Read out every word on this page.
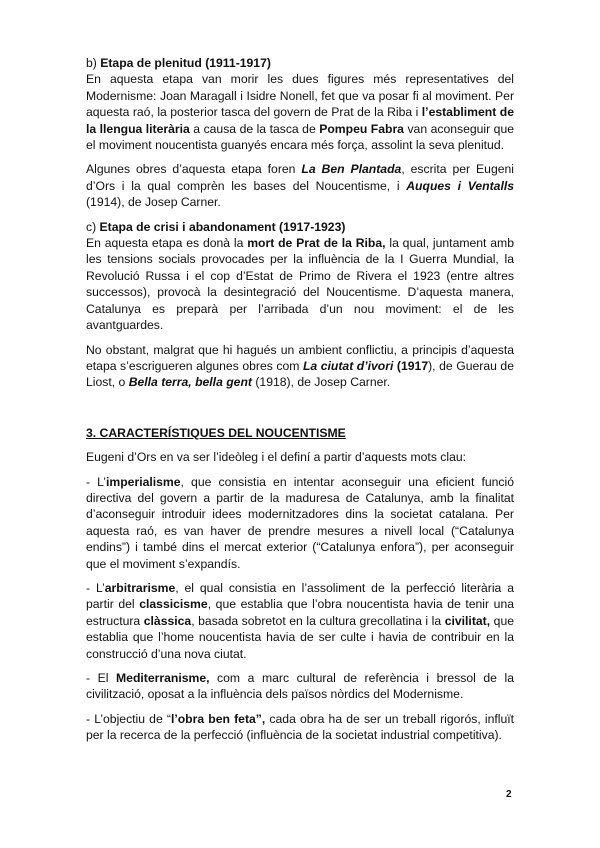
b) Etapa de plenitud (1911-1917)

En aquesta etapa van morir les dues figures més representatives del Modernisme: Joan Maragall i Isidre Nonell, fet que va posar fi al moviment. Per aquesta raó, la posterior tasca del govern de Prat de la Riba i l’establiment de la llengua literària a causa de la tasca de Pompeu Fabra van aconseguir que el moviment noucentista guanyés encara més força, assolint la seva plenitud.

Algunes obres d’aquesta etapa foren La Ben Plantada, escrita per Eugeni d’Ors i la qual comprèn les bases del Noucentisme, i Auques i Ventalls (1914), de Josep Carner.

c) Etapa de crisi i abandonament (1917-1923)

En aquesta etapa es donà la mort de Prat de la Riba, la qual, juntament amb les tensions socials provocades per la influència de la I Guerra Mundial, la Revolució Russa i el cop d’Estat de Primo de Rivera el 1923 (entre altres successos), provocà la desintegració del Noucentisme. D’aquesta manera, Catalunya es preparà per l’arribada d’un nou moviment: el de les avantguardes.

No obstant, malgrat que hi hagués un ambient conflictiu, a principis d’aquesta etapa s’escrigueren algunes obres com La ciutat d’ivori (1917), de Guerau de Liost, o Bella terra, bella gent (1918), de Josep Carner.

3. CARACTERÍSTIQUES DEL NOUCENTISME

Eugeni d’Ors en va ser l’ideòleg i el definí a partir d’aquests mots clau:

- L’imperialisme, que consistia en intentar aconseguir una eficient funció directiva del govern a partir de la maduresa de Catalunya, amb la finalitat d’aconseguir introduir idees modernitzadores dins la societat catalana. Per aquesta raó, es van haver de prendre mesures a nivell local (“Catalunya endins”) i també dins el mercat exterior (“Catalunya enfora”), per aconseguir que el moviment s’expandís.

- L’arbitrarisme, el qual consistia en l’assoliment de la perfecció literària a partir del classicisme, que establia que l’obra noucentista havia de tenir una estructura clàssica, basada sobretot en la cultura grecollatina i la civilitat, que establia que l’home noucentista havia de ser culte i havia de contribuir en la construcció d’una nova ciutat.

- El Mediterranisme, com a marc cultural de referència i bressol de la civilització, oposat a la influència dels països nòrdics del Modernisme.

- L’objectiu de “l’obra ben feta”, cada obra ha de ser un treball rigorós, influït per la recerca de la perfecció (influència de la societat industrial competitiva).

2
